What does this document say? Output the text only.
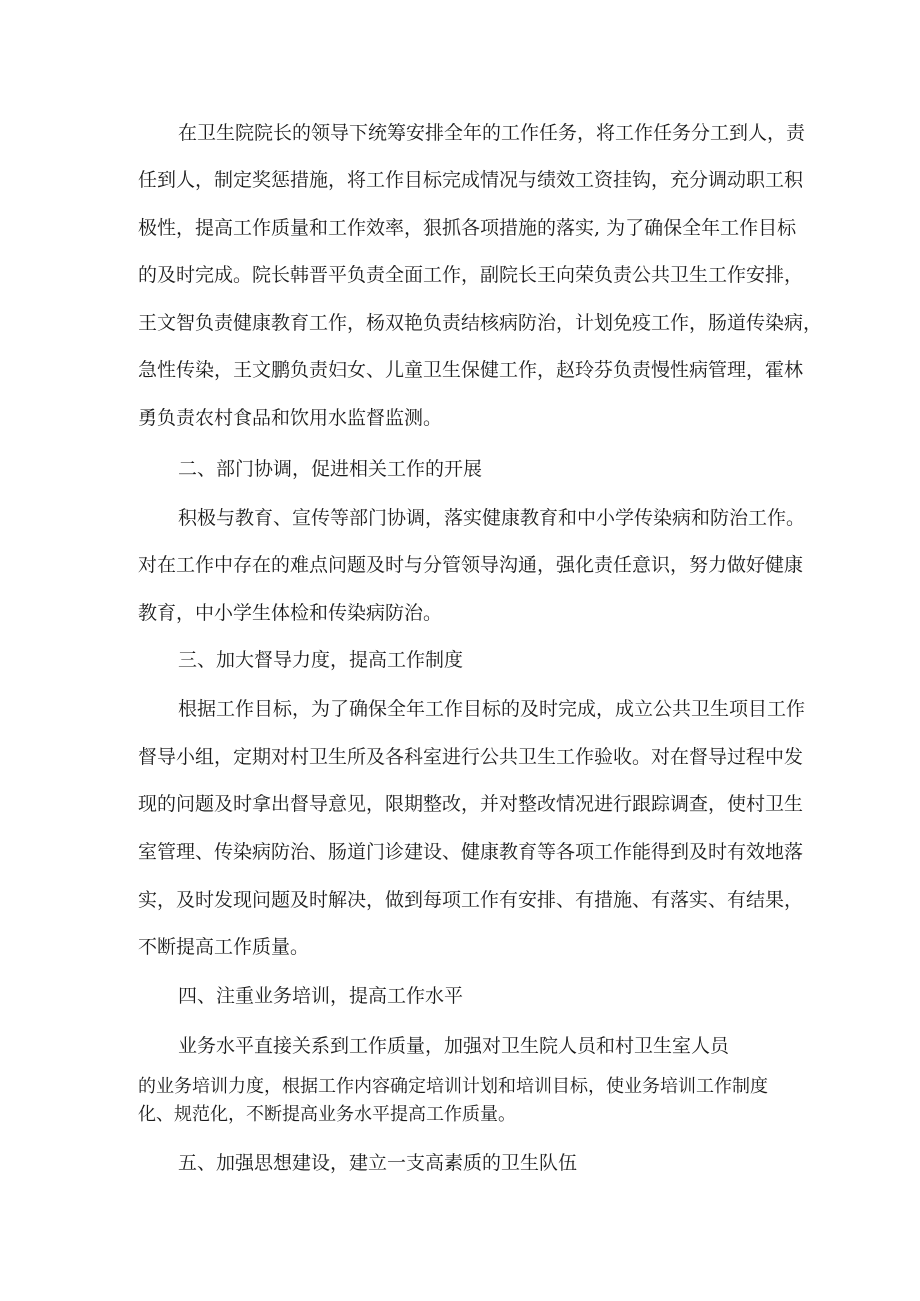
在卫生院院长的领导下统筹安排全年的工作任务，将工作任务分工到人，责
任到人，制定奖惩措施，将工作目标完成情况与绩效工资挂钩，充分调动职工积
极性，提高工作质量和工作效率，狠抓各项措施的落实, 为了确保全年工作目标
的及时完成。院长韩晋平负责全面工作，副院长王向荣负责公共卫生工作安排，
王文智负责健康教育工作，杨双艳负责结核病防治，计划免疫工作，肠道传染病，
急性传染，王文鹏负责妇女、儿童卫生保健工作，赵玲芬负责慢性病管理，霍林
勇负责农村食品和饮用水监督监测。
二、部门协调，促进相关工作的开展
积极与教育、宣传等部门协调，落实健康教育和中小学传染病和防治工作。
对在工作中存在的难点问题及时与分管领导沟通，强化责任意识，努力做好健康
教育，中小学生体检和传染病防治。
三、加大督导力度，提高工作制度
根据工作目标，为了确保全年工作目标的及时完成，成立公共卫生项目工作
督导小组，定期对村卫生所及各科室进行公共卫生工作验收。对在督导过程中发
现的问题及时拿出督导意见，限期整改，并对整改情况进行跟踪调查，使村卫生
室管理、传染病防治、肠道门诊建设、健康教育等各项工作能得到及时有效地落
实，及时发现问题及时解决，做到每项工作有安排、有措施、有落实、有结果，
不断提高工作质量。
四、注重业务培训，提高工作水平
业务水平直接关系到工作质量，加强对卫生院人员和村卫生室人员
的业务培训力度，根据工作内容确定培训计划和培训目标，使业务培训工作制度
化、规范化，不断提高业务水平提高工作质量。
五、加强思想建设，建立一支高素质的卫生队伍
